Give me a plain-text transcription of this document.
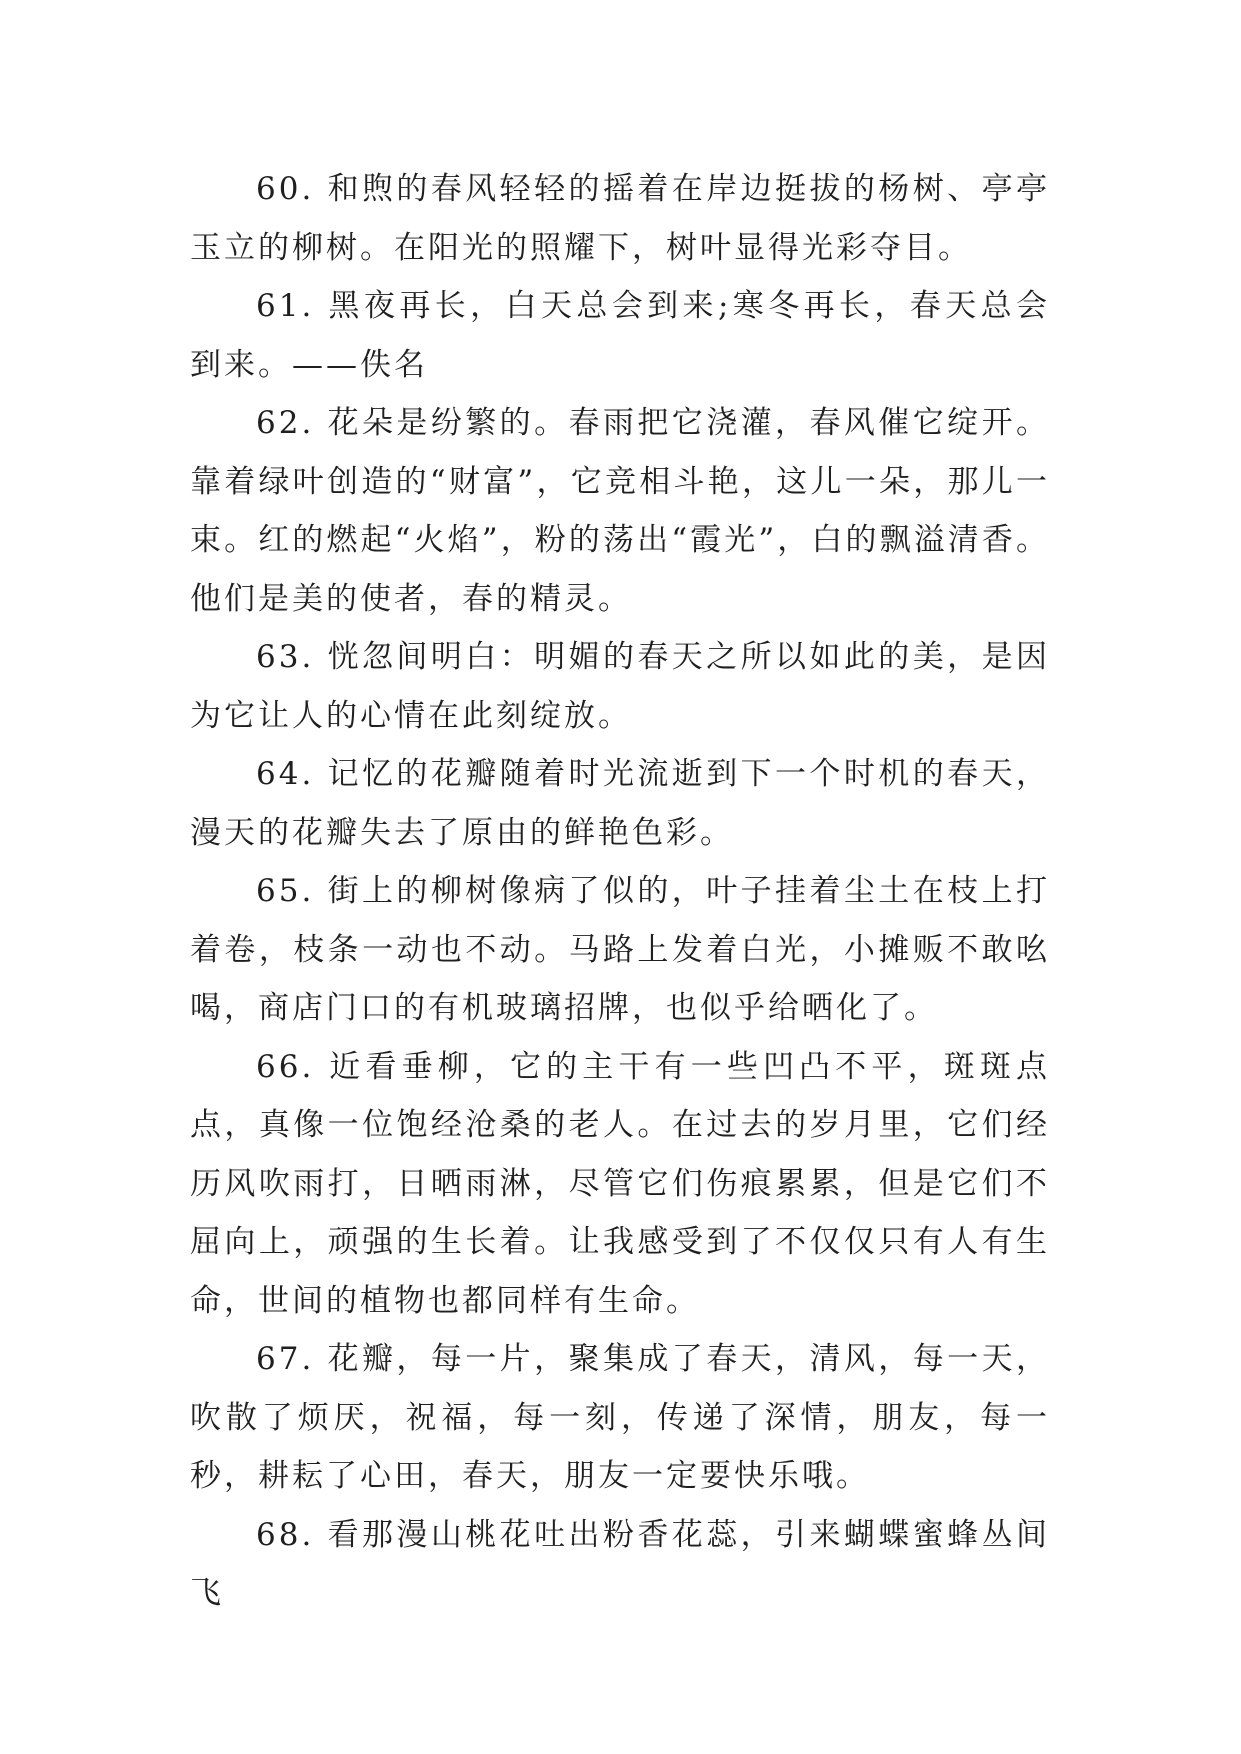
60. 和煦的春风轻轻的摇着在岸边挺拔的杨树、亭亭玉立的柳树。在阳光的照耀下，树叶显得光彩夺目。

61. 黑夜再长，白天总会到来;寒冬再长，春天总会到来。——佚名

62. 花朵是纷繁的。春雨把它浇灌，春风催它绽开。靠着绿叶创造的“财富”，它竞相斗艳，这儿一朵，那儿一束。红的燃起“火焰”，粉的荡出“霞光”，白的飘溢清香。他们是美的使者，春的精灵。

63. 恍忽间明白：明媚的春天之所以如此的美，是因为它让人的心情在此刻绽放。

64. 记忆的花瓣随着时光流逝到下一个时机的春天，漫天的花瓣失去了原由的鲜艳色彩。

65. 街上的柳树像病了似的，叶子挂着尘土在枝上打着卷，枝条一动也不动。马路上发着白光，小摊贩不敢吆喝，商店门口的有机玻璃招牌，也似乎给晒化了。

66. 近看垂柳，它的主干有一些凹凸不平，斑斑点点，真像一位饱经沧桑的老人。在过去的岁月里，它们经历风吹雨打，日晒雨淋，尽管它们伤痕累累，但是它们不屈向上，顽强的生长着。让我感受到了不仅仅只有人有生命，世间的植物也都同样有生命。

67. 花瓣，每一片，聚集成了春天，清风，每一天，吹散了烦厌，祝福，每一刻，传递了深情，朋友，每一秒，耕耘了心田，春天，朋友一定要快乐哦。

68. 看那漫山桃花吐出粉香花蕊，引来蝴蝶蜜蜂丛间飞
